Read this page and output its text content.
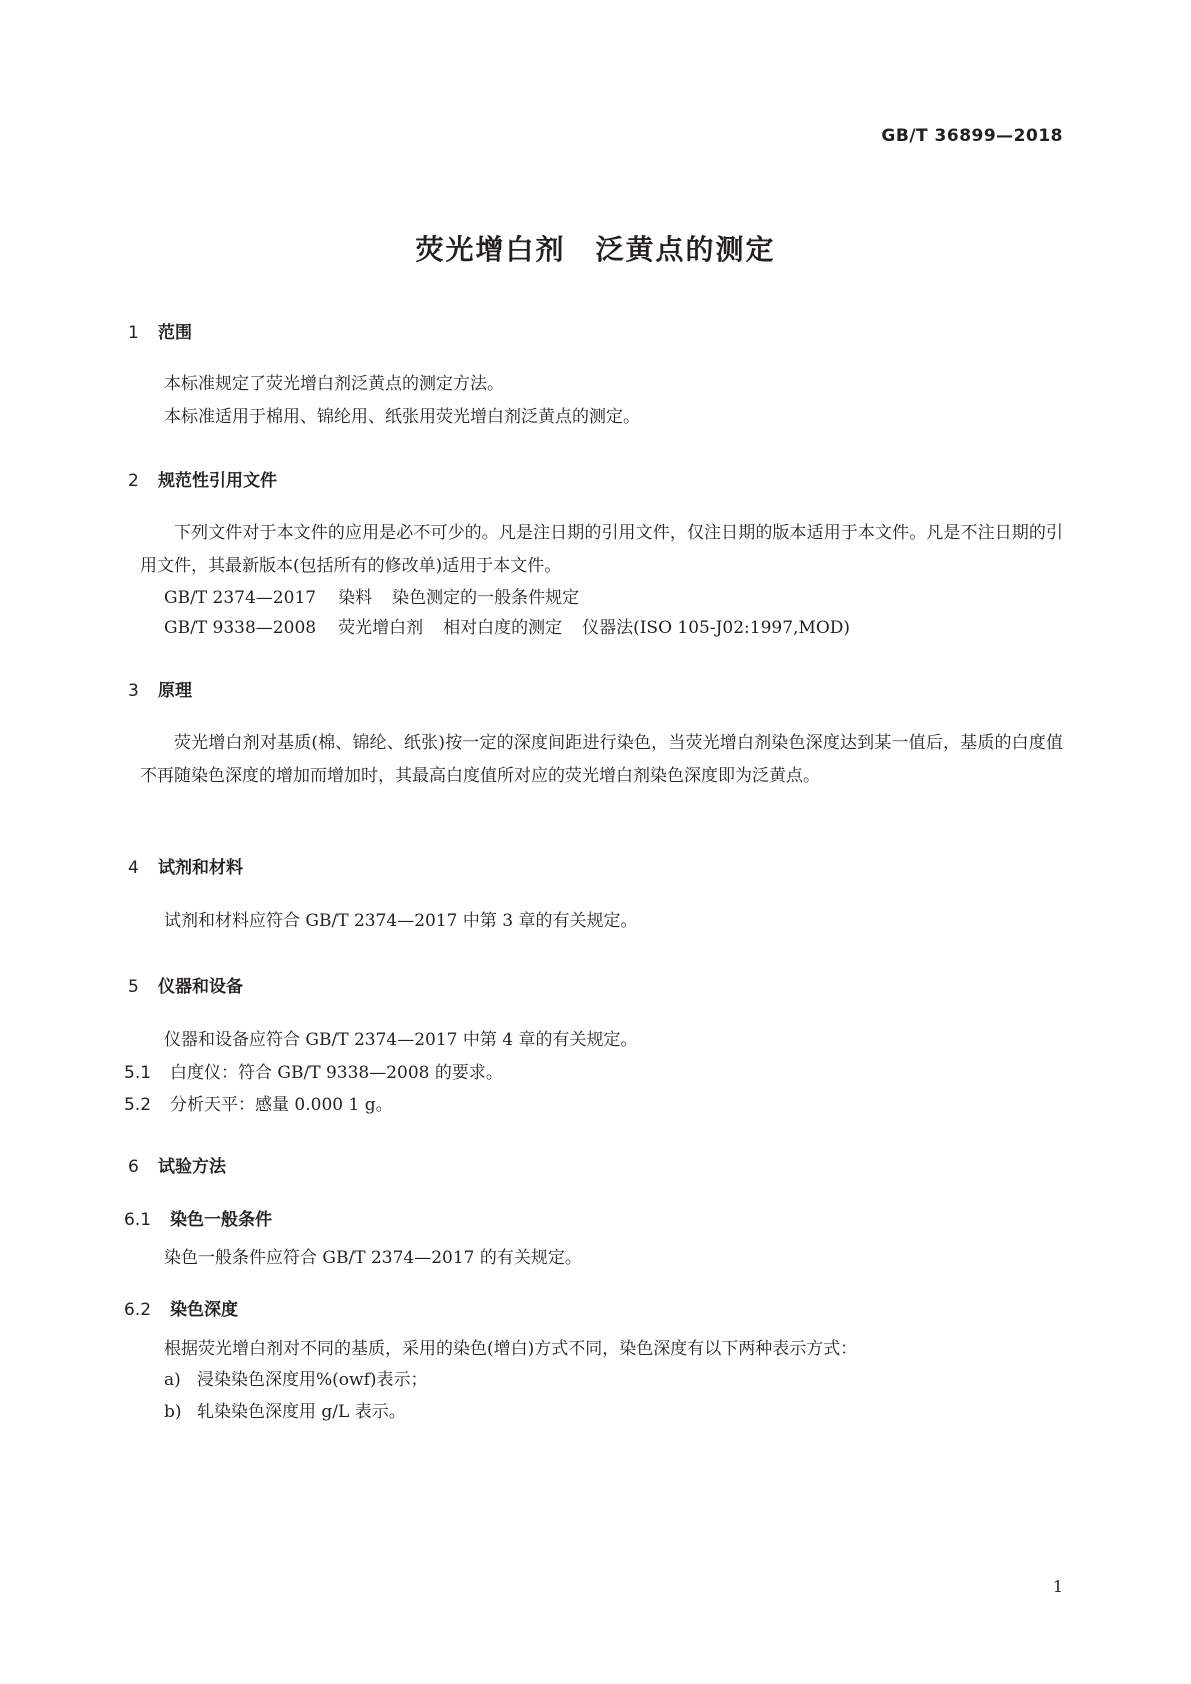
GB/T 36899—2018
荧光增白剂　泛黄点的测定
1 范围
本标准规定了荧光增白剂泛黄点的测定方法。
本标准适用于棉用、锦纶用、纸张用荧光增白剂泛黄点的测定。
2 规范性引用文件

下列文件对于本文件的应用是必不可少的。凡是注日期的引用文件，仅注日期的版本适用于本文件。凡是不注日期的引用文件，其最新版本(包括所有的修改单)适用于本文件。

GB/T 2374—2017 染料 染色测定的一般条件规定
GB/T 9338—2008 荧光增白剂 相对白度的测定 仪器法(ISO 105-J02:1997,MOD)
3 原理

荧光增白剂对基质(棉、锦纶、纸张)按一定的深度间距进行染色，当荧光增白剂染色深度达到某一值后，基质的白度值不再随染色深度的增加而增加时，其最高白度值所对应的荧光增白剂染色深度即为泛黄点。

4 试剂和材料
试剂和材料应符合 GB/T 2374—2017 中第 3 章的有关规定。
5 仪器和设备
仪器和设备应符合 GB/T 2374—2017 中第 4 章的有关规定。
5.1 白度仪：符合 GB/T 9338—2008 的要求。
5.2 分析天平：感量 0.000 1 g。
6 试验方法
6.1 染色一般条件
染色一般条件应符合 GB/T 2374—2017 的有关规定。
6.2 染色深度
根据荧光增白剂对不同的基质，采用的染色(增白)方式不同，染色深度有以下两种表示方式：
a) 浸染染色深度用%(owf)表示；
b) 轧染染色深度用 g/L 表示。
1
